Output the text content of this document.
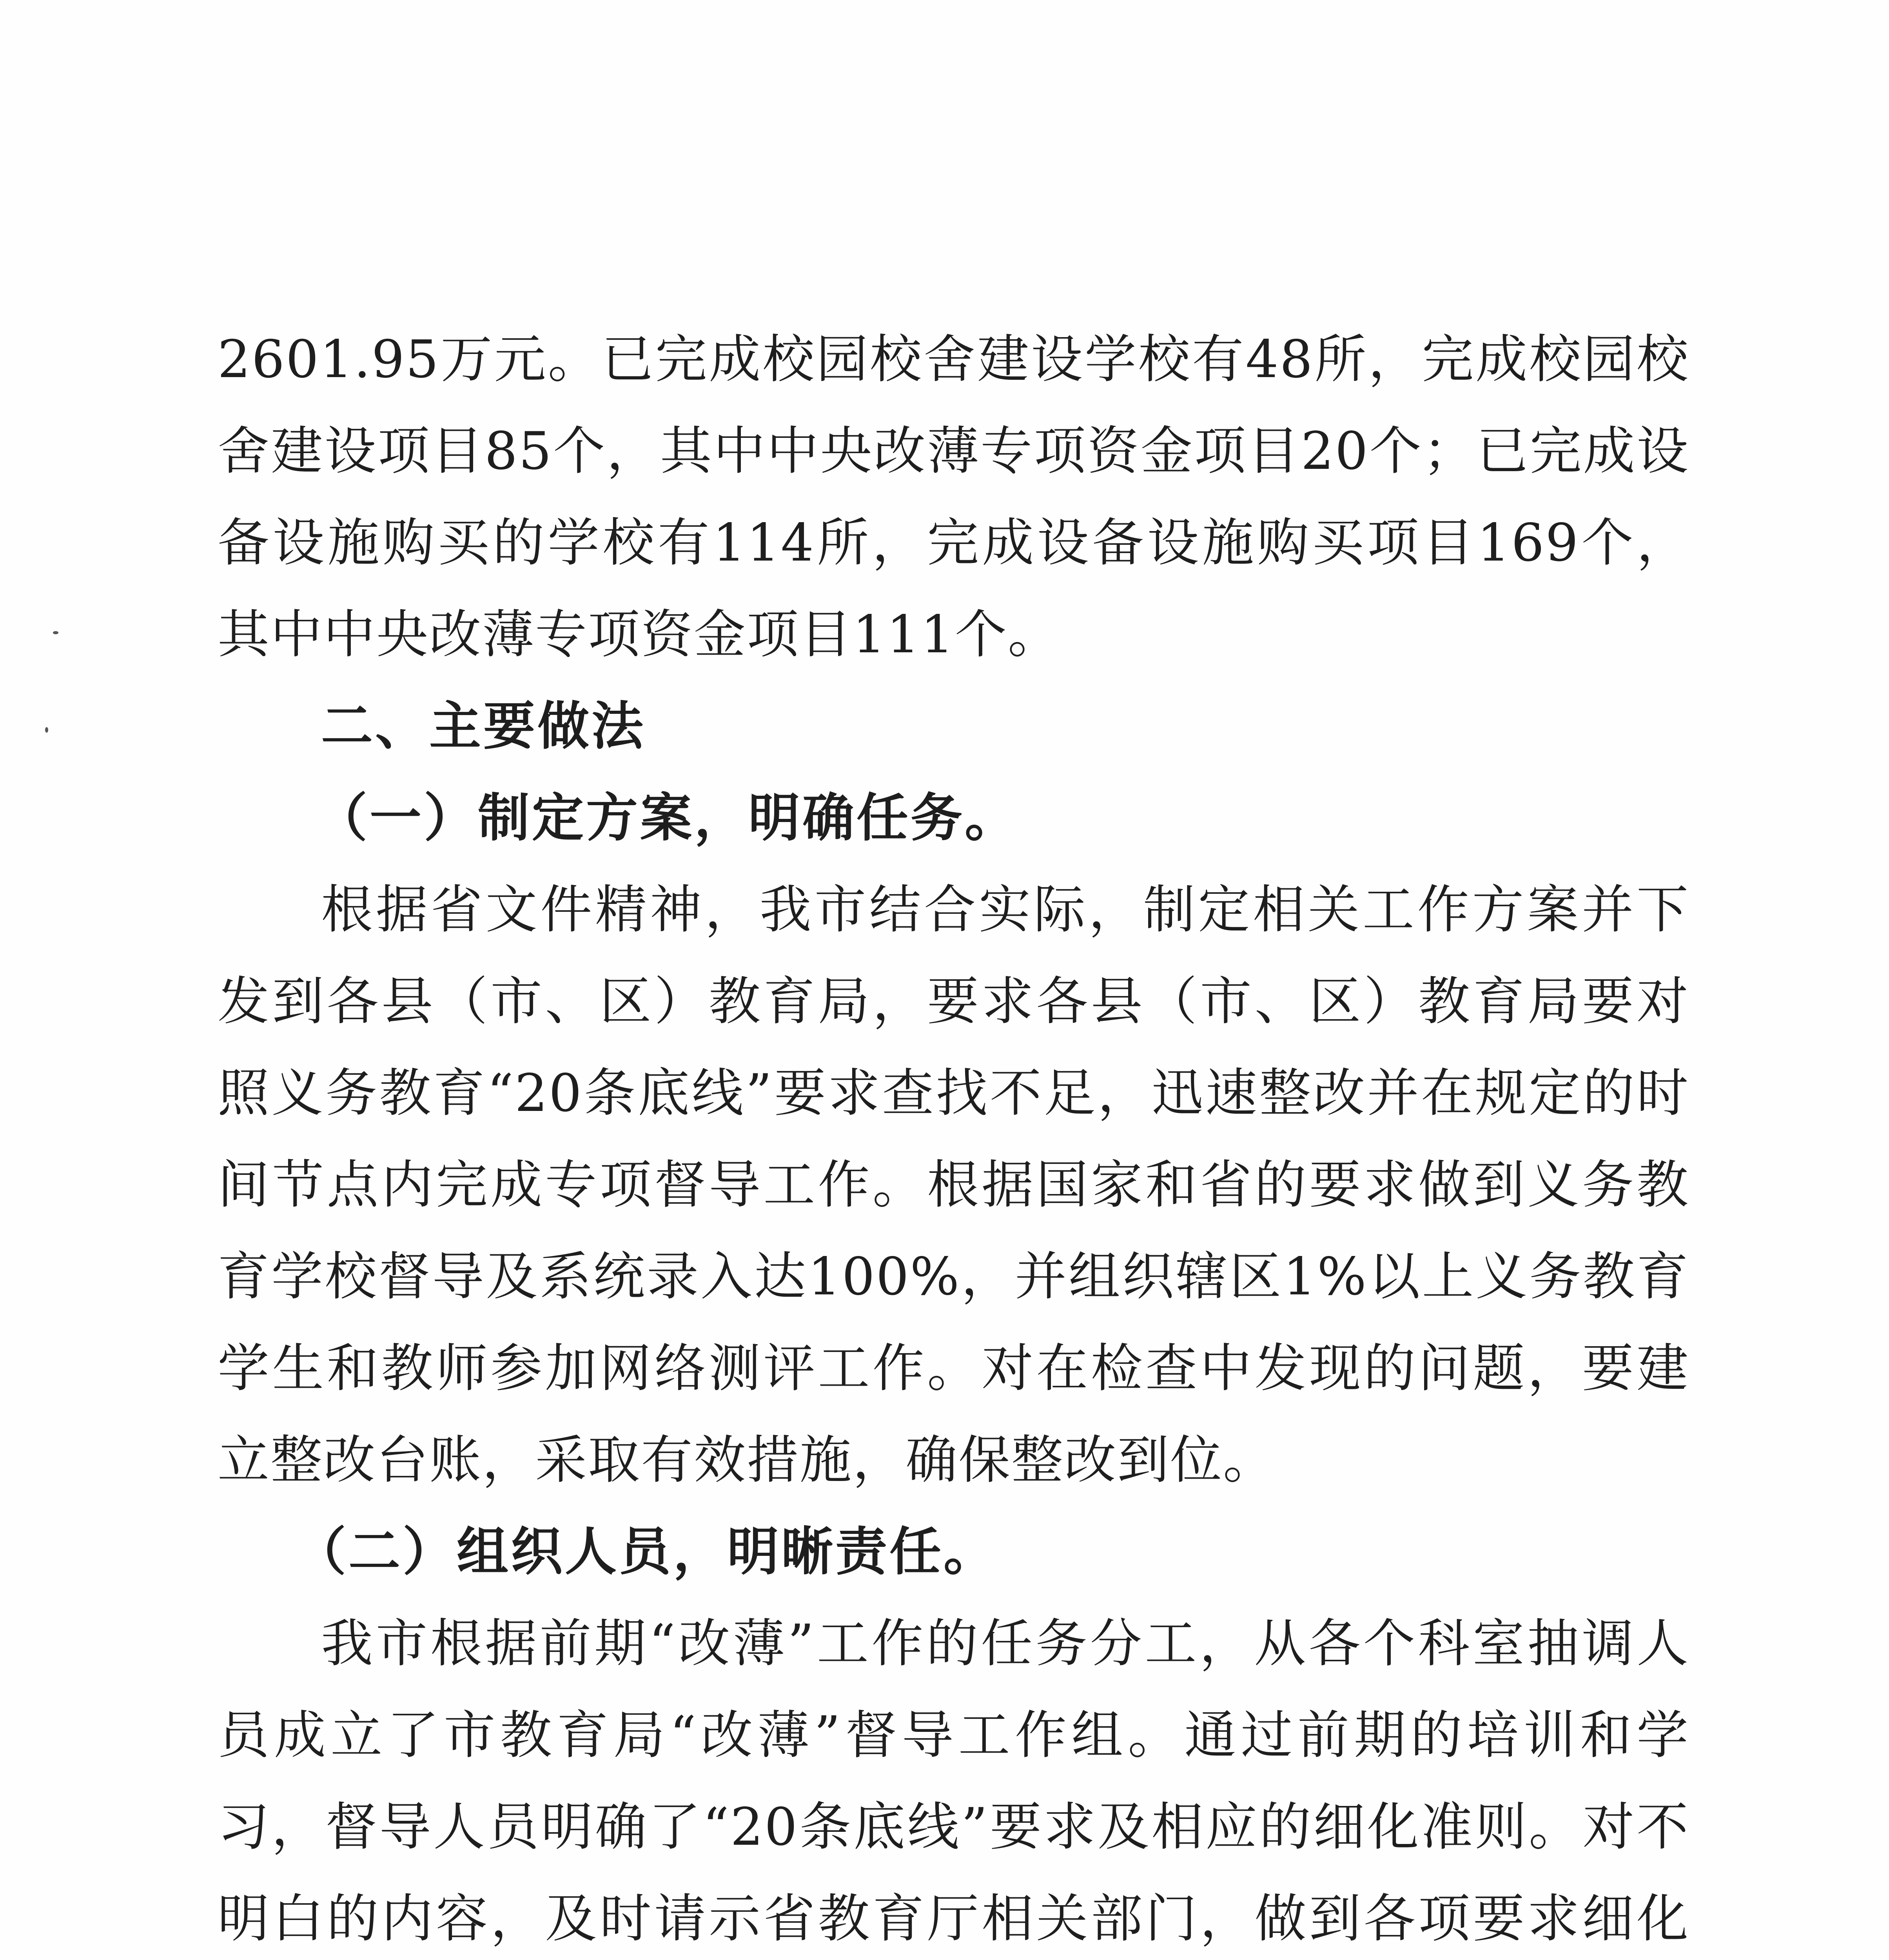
2601.95万元。已完成校园校舍建设学校有48所，完成校园校舍建设项目85个，其中中央改薄专项资金项目20个；已完成设备设施购买的学校有114所，完成设备设施购买项目169个，其中中央改薄专项资金项目111个。

二、主要做法

（一）制定方案，明确任务。

根据省文件精神，我市结合实际，制定相关工作方案并下发到各县（市、区）教育局，要求各县（市、区）教育局要对照义务教育“20条底线”要求查找不足，迅速整改并在规定的时间节点内完成专项督导工作。根据国家和省的要求做到义务教育学校督导及系统录入达100%，并组织辖区1%以上义务教育学生和教师参加网络测评工作。对在检查中发现的问题，要建立整改台账，采取有效措施，确保整改到位。

（二）组织人员，明晰责任。

我市根据前期“改薄”工作的任务分工，从各个科室抽调人员成立了市教育局“改薄”督导工作组。通过前期的培训和学习，督导人员明确了“20条底线”要求及相应的细化准则。对不明白的内容，及时请示省教育厅相关部门，做到各项要求细化
